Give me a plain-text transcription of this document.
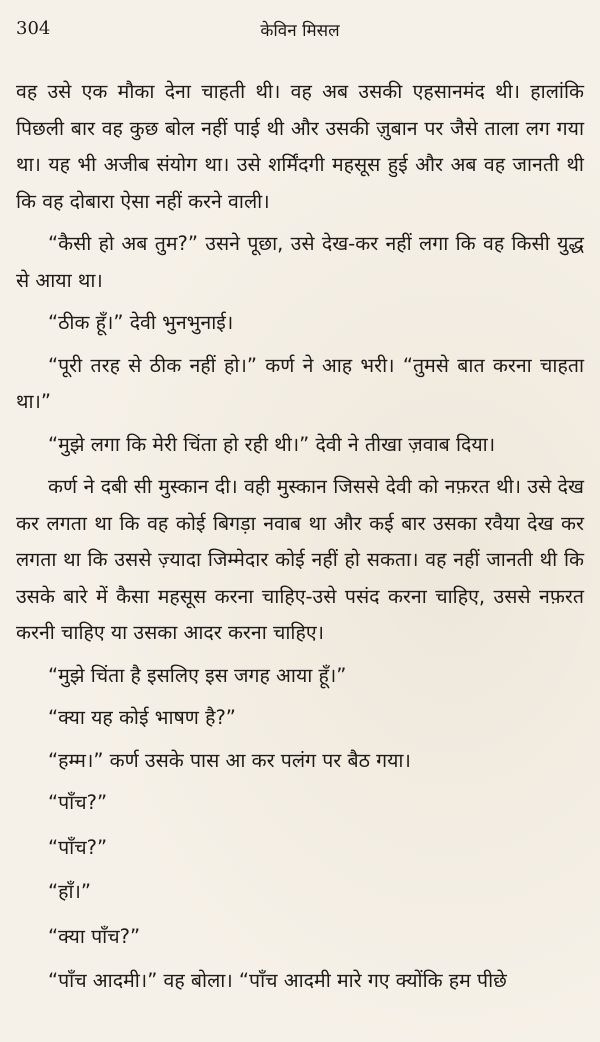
304	केविन मिसल

वह उसे एक मौका देना चाहती थी। वह अब उसकी एहसानमंद थी। हालांकि पिछली बार वह कुछ बोल नहीं पाई थी और उसकी ज़ुबान पर जैसे ताला लग गया था। यह भी अजीब संयोग था। उसे शर्मिंदगी महसूस हुई और अब वह जानती थी कि वह दोबारा ऐसा नहीं करने वाली।

“कैसी हो अब तुम?” उसने पूछा, उसे देख-कर नहीं लगा कि वह किसी युद्ध से आया था।

“ठीक हूँ।” देवी भुनभुनाई।

“पूरी तरह से ठीक नहीं हो।” कर्ण ने आह भरी। “तुमसे बात करना चाहता था।”

“मुझे लगा कि मेरी चिंता हो रही थी।” देवी ने तीखा ज़वाब दिया।

कर्ण ने दबी सी मुस्कान दी। वही मुस्कान जिससे देवी को नफ़रत थी। उसे देख कर लगता था कि वह कोई बिगड़ा नवाब था और कई बार उसका रवैया देख कर लगता था कि उससे ज़्यादा जिम्मेदार कोई नहीं हो सकता। वह नहीं जानती थी कि उसके बारे में कैसा महसूस करना चाहिए-उसे पसंद करना चाहिए, उससे नफ़रत करनी चाहिए या उसका आदर करना चाहिए।

“मुझे चिंता है इसलिए इस जगह आया हूँ।”

“क्या यह कोई भाषण है?”

“हम्म।” कर्ण उसके पास आ कर पलंग पर बैठ गया।

“पाँच?”

“पाँच?”

“हाँ।”

“क्या पाँच?”

“पाँच आदमी।” वह बोला। “पाँच आदमी मारे गए क्योंकि हम पीछे
